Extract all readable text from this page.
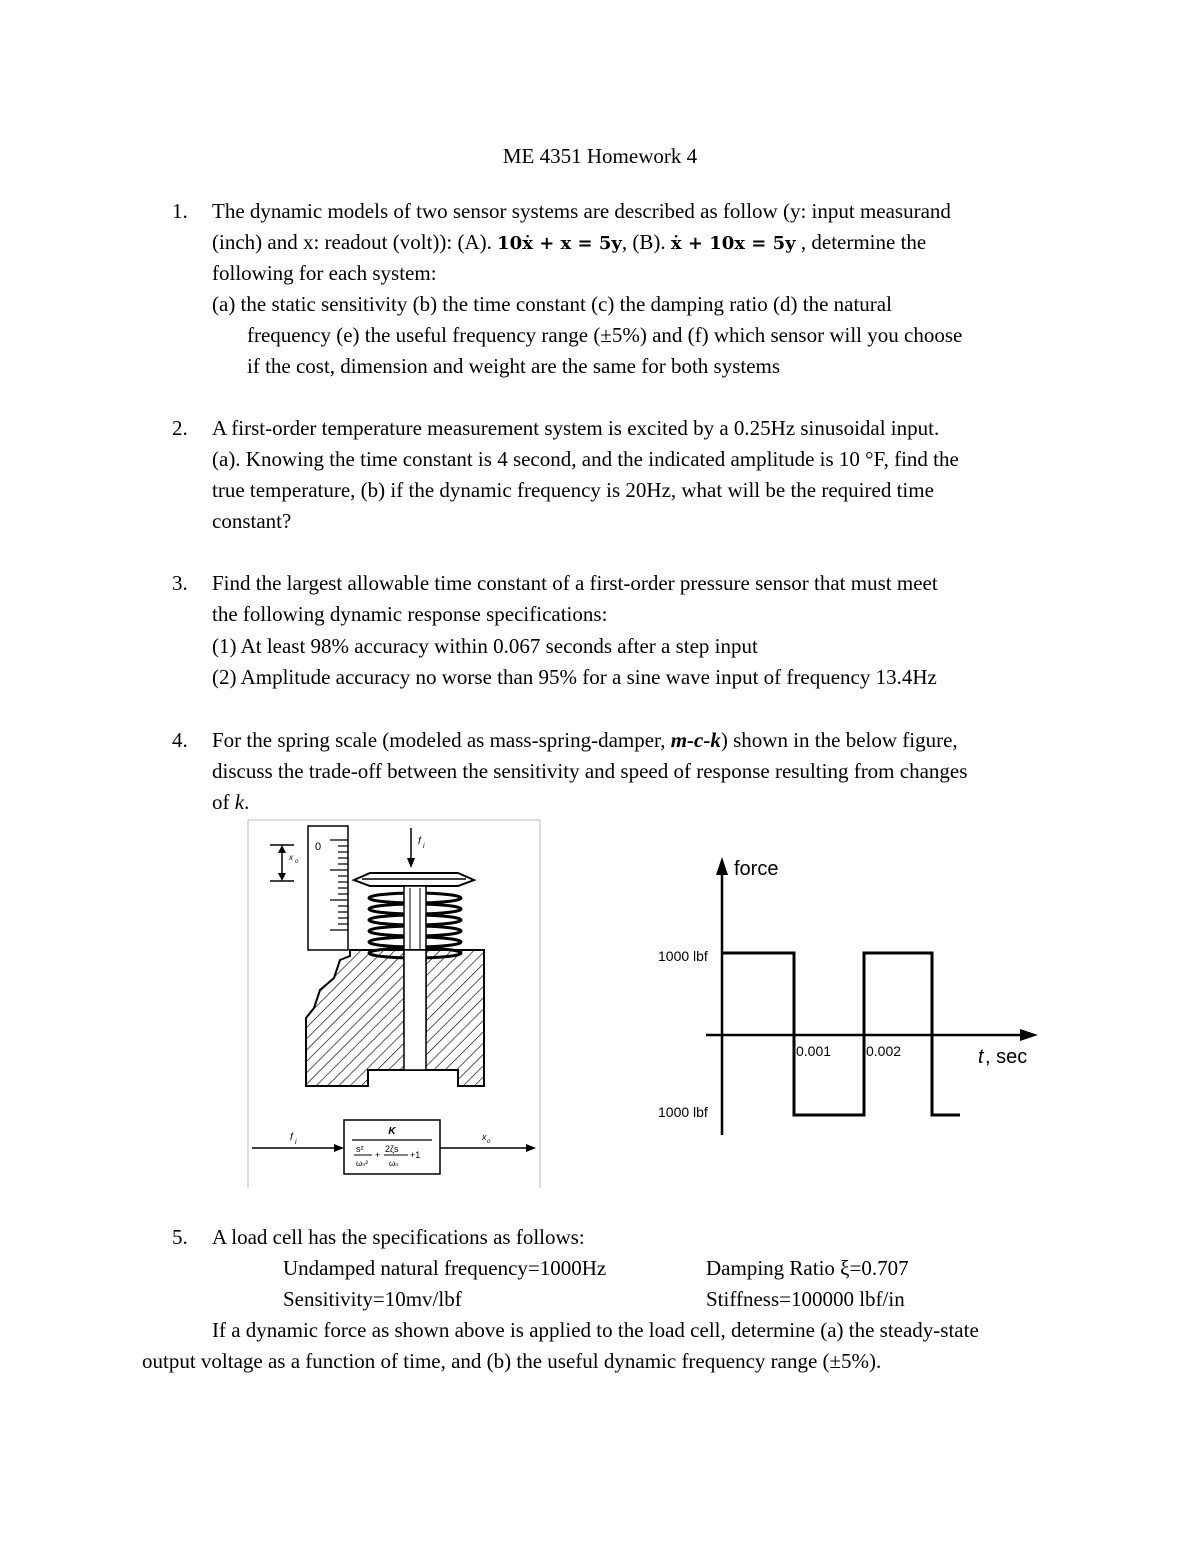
ME 4351 Homework 4
1. The dynamic models of two sensor systems are described as follow (y: input measurand
(inch) and x: readout (volt)): (A). 10ẋ + x = 5y, (B). ẋ + 10x = 5y , determine the
following for each system:
(a) the static sensitivity (b) the time constant (c) the damping ratio (d) the natural
frequency (e) the useful frequency range (±5%) and (f) which sensor will you choose
if the cost, dimension and weight are the same for both systems
2. A first-order temperature measurement system is excited by a 0.25Hz sinusoidal input.
(a). Knowing the time constant is 4 second, and the indicated amplitude is 10 °F, find the
true temperature, (b) if the dynamic frequency is 20Hz, what will be the required time
constant?
3. Find the largest allowable time constant of a first-order pressure sensor that must meet
the following dynamic response specifications:
(1) At least 98% accuracy within 0.067 seconds after a step input
(2) Amplitude accuracy no worse than 95% for a sine wave input of frequency 13.4Hz
4. For the spring scale (modeled as mass-spring-damper, m-c-k) shown in the below figure,
discuss the trade-off between the sensitivity and speed of response resulting from changes
of k.
x o
0	f i
f i
K
s²
ωₙ²
+
2ζs
ωₙ
+1
x o
force
t , sec
1000 lbf
1000 lbf
0.001 0.002
5. A load cell has the specifications as follows:
Undamped natural frequency=1000Hz	Damping Ratio ξ=0.707
Sensitivity=10mv/lbf	Stiffness=100000 lbf/in
If a dynamic force as shown above is applied to the load cell, determine (a) the steady-state
output voltage as a function of time, and (b) the useful dynamic frequency range (±5%).
